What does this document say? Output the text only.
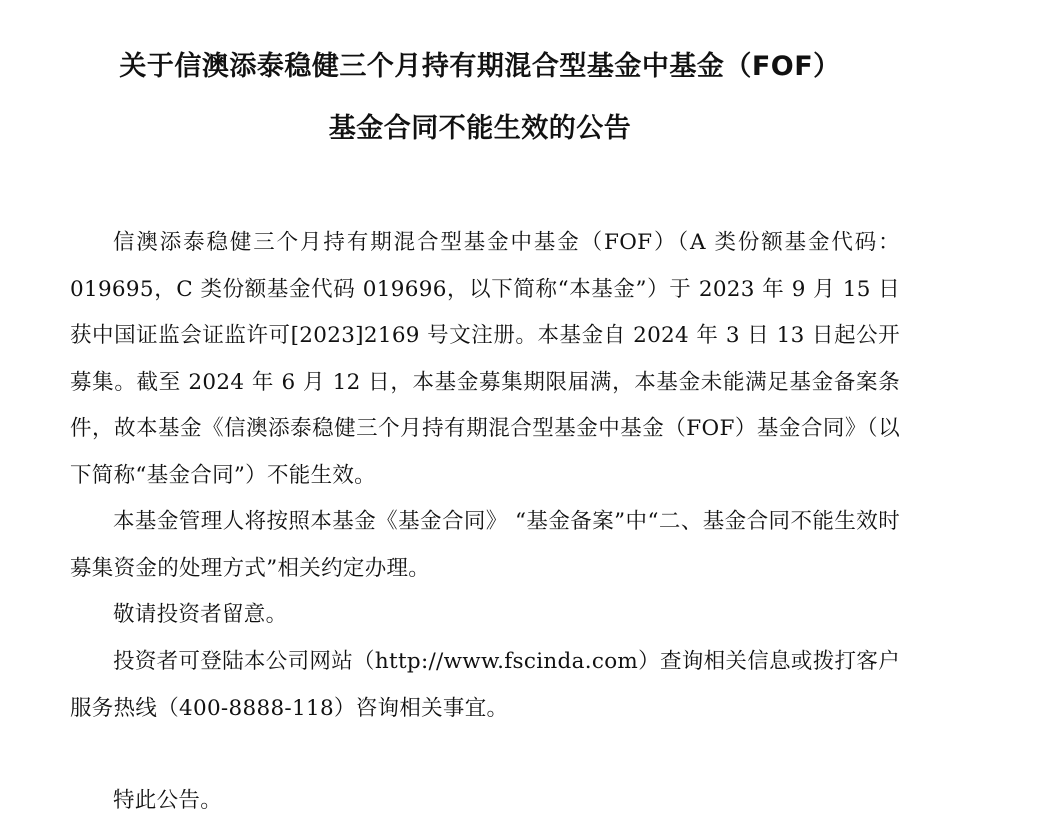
关于信澳添泰稳健三个月持有期混合型基金中基金（FOF）
基金合同不能生效的公告

信澳添泰稳健三个月持有期混合型基金中基金（FOF）（A 类份额基金代码：019695，C 类份额基金代码 019696，以下简称“本基金”）于 2023 年 9 月 15 日获中国证监会证监许可[2023]2169 号文注册。本基金自 2024 年 3 日 13 日起公开募集。截至 2024 年 6 月 12 日，本基金募集期限届满，本基金未能满足基金备案条件，故本基金《信澳添泰稳健三个月持有期混合型基金中基金（FOF）基金合同》（以下简称“基金合同”）不能生效。

本基金管理人将按照本基金《基金合同》 “基金备案”中“二、基金合同不能生效时募集资金的处理方式”相关约定办理。

敬请投资者留意。

投资者可登陆本公司网站（http://www.fscinda.com）查询相关信息或拨打客户服务热线（400-8888-118）咨询相关事宜。

特此公告。
